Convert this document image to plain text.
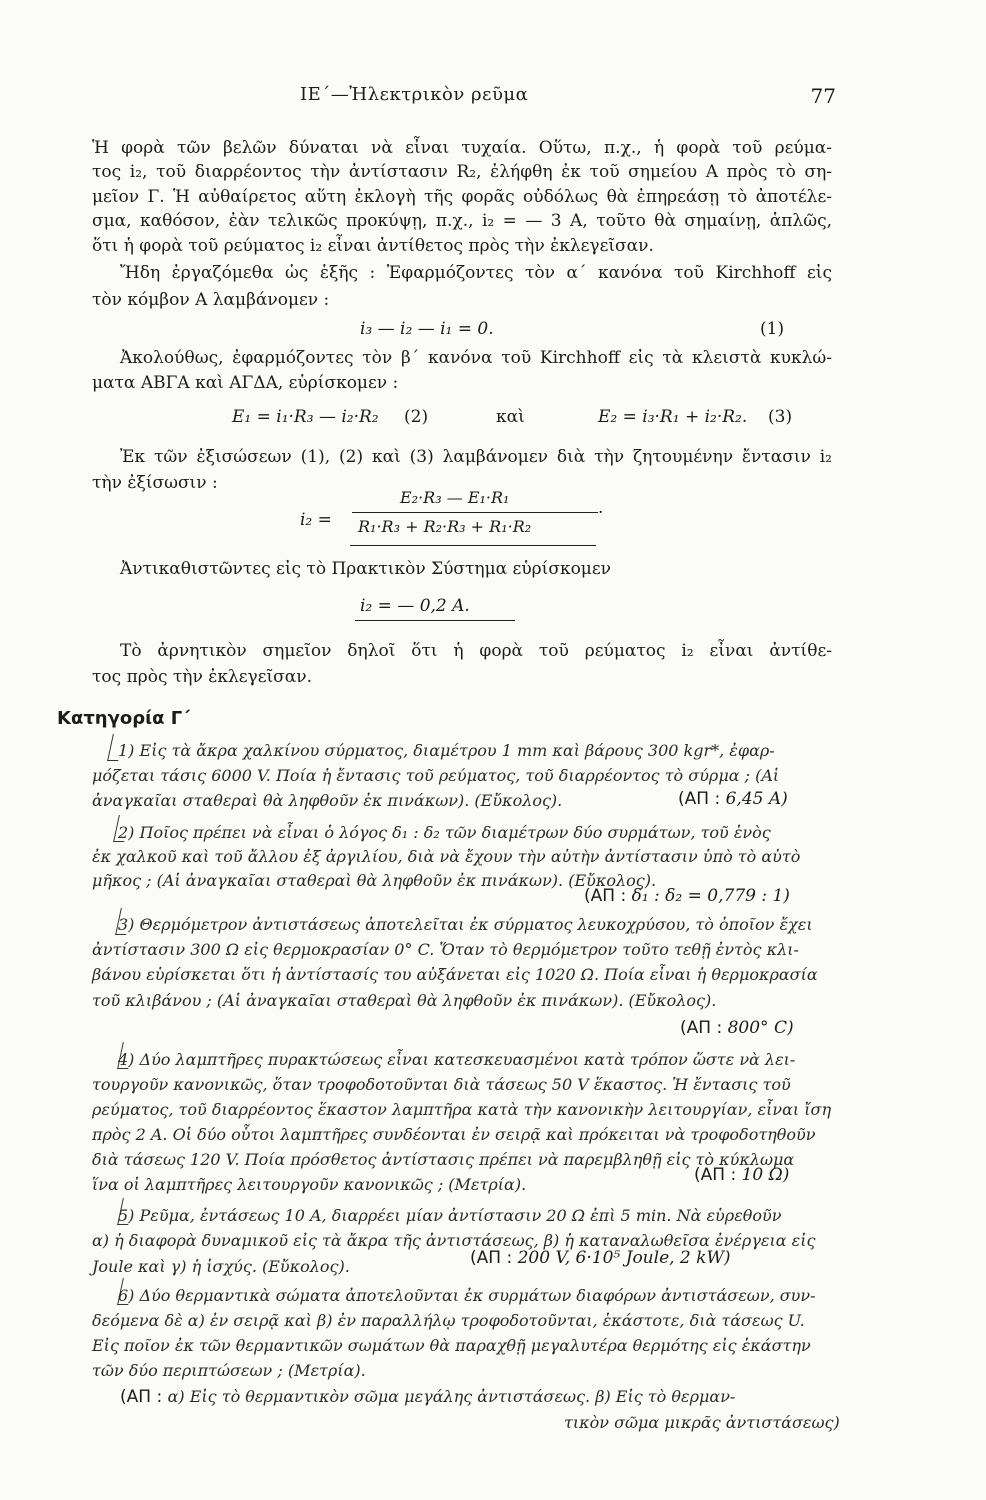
ΙΕ΄—Ἠλεκτρικὸν ρεῦμα	77
Ἡ φορὰ τῶν βελῶν δύναται νὰ εἶναι τυχαία. Οὕτω, π.χ., ἡ φορὰ τοῦ ρεύμα-
τος i₂, τοῦ διαρρέοντος τὴν ἀντίστασιν R₂, ἐλήφθη ἐκ τοῦ σημείου A πρὸς τὸ ση-
μεῖον Γ. Ἡ αὐθαίρετος αὕτη ἐκλογὴ τῆς φορᾶς οὐδόλως θὰ ἐπηρεάσῃ τὸ ἀποτέλε-
σμα, καθόσον, ἐὰν τελικῶς προκύψῃ, π.χ., i₂ = — 3 A, τοῦτο θὰ σημαίνῃ, ἁπλῶς,
ὅτι ἡ φορὰ τοῦ ρεύματος i₂ εἶναι ἀντίθετος πρὸς τὴν ἐκλεγεῖσαν.
Ἤδη ἐργαζόμεθα ὡς ἑξῆς : Ἐφαρμόζοντες τὸν α΄ κανόνα τοῦ Kirchhoff εἰς
τὸν κόμβον A λαμβάνομεν :
i₃ — i₂ — i₁ = 0.	(1)
Ἀκολούθως, ἐφαρμόζοντες τὸν β΄ κανόνα τοῦ Kirchhoff εἰς τὰ κλειστὰ κυκλώ-
ματα ΑΒΓΑ καὶ ΑΓΔΑ, εὑρίσκομεν :
E₁ = i₁·R₃ — i₂·R₂ (2)	καὶ	E₂ = i₃·R₁ + i₂·R₂. (3)
Ἐκ τῶν ἐξισώσεων (1), (2) καὶ (3) λαμβάνομεν διὰ τὴν ζητουμένην ἔντασιν i₂
τὴν ἐξίσωσιν :
i₂ =
E₂·R₃ — E₁·R₁
R₁·R₃ + R₂·R₃ + R₁·R₂
.
Ἀντικαθιστῶντες εἰς τὸ Πρακτικὸν Σύστημα εὑρίσκομεν
i₂ = — 0,2 A.
Τὸ ἀρνητικὸν σημεῖον δηλοῖ ὅτι ἡ φορὰ τοῦ ρεύματος i₂ εἶναι ἀντίθε-
τος πρὸς τὴν ἐκλεγεῖσαν.
Κατηγορία Γ΄
1) Εἰς τὰ ἄκρα χαλκίνου σύρματος, διαμέτρου 1 mm καὶ βάρους 300 kgr*, ἐφαρ-
μόζεται τάσις 6000 V. Ποία ἡ ἔντασις τοῦ ρεύματος, τοῦ διαρρέοντος τὸ σύρμα ; (Αἱ
ἀναγκαῖαι σταθεραὶ θὰ ληφθοῦν ἐκ πινάκων). (Εὔκολος).	(ΑΠ : 6,45 A)
2) Ποῖος πρέπει νὰ εἶναι ὁ λόγος δ₁ : δ₂ τῶν διαμέτρων δύο συρμάτων, τοῦ ἑνὸς
ἐκ χαλκοῦ καὶ τοῦ ἄλλου ἐξ ἀργιλίου, διὰ νὰ ἔχουν τὴν αὐτὴν ἀντίστασιν ὑπὸ τὸ αὐτὸ
μῆκος ; (Αἱ ἀναγκαῖαι σταθεραὶ θὰ ληφθοῦν ἐκ πινάκων). (Εὔκολος).
(ΑΠ : δ₁ : δ₂ = 0,779 : 1)
3) Θερμόμετρον ἀντιστάσεως ἀποτελεῖται ἐκ σύρματος λευκοχρύσου, τὸ ὁποῖον ἔχει
ἀντίστασιν 300 Ω εἰς θερμοκρασίαν 0° C. Ὅταν τὸ θερμόμετρον τοῦτο τεθῇ ἐντὸς κλι-
βάνου εὑρίσκεται ὅτι ἡ ἀντίστασίς του αὐξάνεται εἰς 1020 Ω. Ποία εἶναι ἡ θερμοκρασία
τοῦ κλιβάνου ; (Αἱ ἀναγκαῖαι σταθεραὶ θὰ ληφθοῦν ἐκ πινάκων). (Εὔκολος).
(ΑΠ : 800° C)
4) Δύο λαμπτῆρες πυρακτώσεως εἶναι κατεσκευασμένοι κατὰ τρόπον ὥστε νὰ λει-
τουργοῦν κανονικῶς, ὅταν τροφοδοτοῦνται διὰ τάσεως 50 V ἕκαστος. Ἡ ἔντασις τοῦ
ρεύματος, τοῦ διαρρέοντος ἕκαστον λαμπτῆρα κατὰ τὴν κανονικὴν λειτουργίαν, εἶναι ἴση
πρὸς 2 A. Οἱ δύο οὗτοι λαμπτῆρες συνδέονται ἐν σειρᾷ καὶ πρόκειται νὰ τροφοδοτηθοῦν
διὰ τάσεως 120 V. Ποία πρόσθετος ἀντίστασις πρέπει νὰ παρεμβληθῇ εἰς τὸ κύκλωμα
ἵνα οἱ λαμπτῆρες λειτουργοῦν κανονικῶς ; (Μετρία).	(ΑΠ : 10 Ω)
5) Ρεῦμα, ἐντάσεως 10 A, διαρρέει μίαν ἀντίστασιν 20 Ω ἐπὶ 5 min. Νὰ εὑρεθοῦν
α) ἡ διαφορὰ δυναμικοῦ εἰς τὰ ἄκρα τῆς ἀντιστάσεως, β) ἡ καταναλωθεῖσα ἐνέργεια εἰς
Joule καὶ γ) ἡ ἰσχύς. (Εὔκολος).	(ΑΠ : 200 V, 6·10⁵ Joule, 2 kW)
6) Δύο θερμαντικὰ σώματα ἀποτελοῦνται ἐκ συρμάτων διαφόρων ἀντιστάσεων, συν-
δεόμενα δὲ α) ἐν σειρᾷ καὶ β) ἐν παραλλήλῳ τροφοδοτοῦνται, ἑκάστοτε, διὰ τάσεως U.
Εἰς ποῖον ἐκ τῶν θερμαντικῶν σωμάτων θὰ παραχθῇ μεγαλυτέρα θερμότης εἰς ἑκάστην
τῶν δύο περιπτώσεων ; (Μετρία).
(ΑΠ : α) Εἰς τὸ θερμαντικὸν σῶμα μεγάλης ἀντιστάσεως. β) Εἰς τὸ θερμαν-
τικὸν σῶμα μικρᾶς ἀντιστάσεως)
